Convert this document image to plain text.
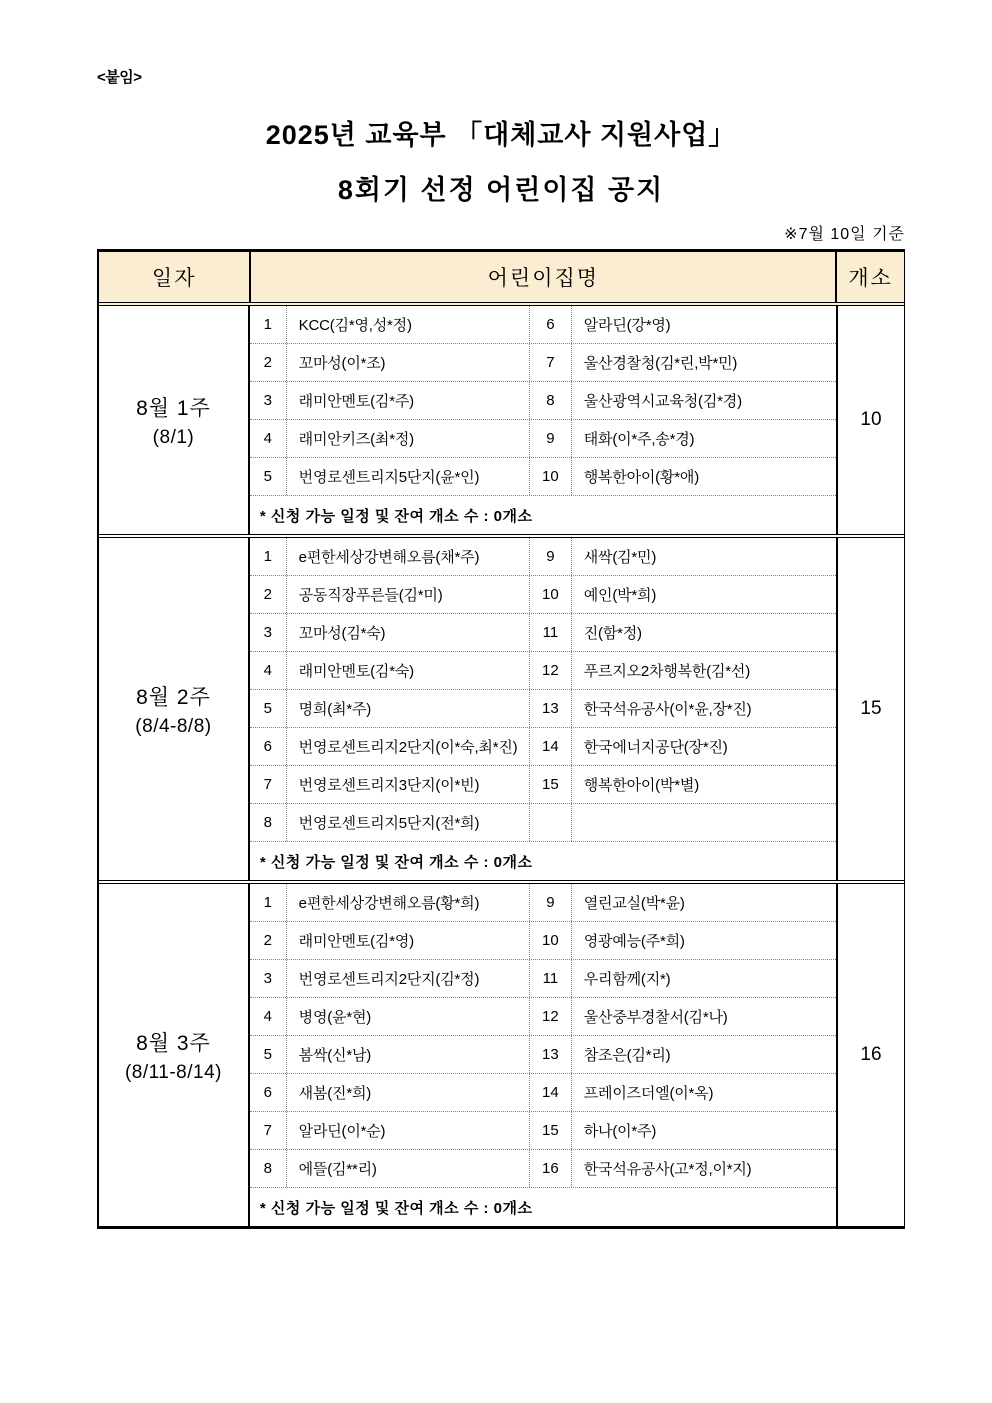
<붙임>
2025년 교육부 「대체교사 지원사업」
8회기 선정 어린이집 공지
※7월 10일 기준
일자	어린이집명	개소
8월 1주
(8/1)
1	KCC(김*영,성*정)	6	알라딘(강*영)
2	꼬마성(이*조)	7	울산경찰청(김*린,박*민)
3	래미안멘토(김*주)	8	울산광역시교육청(김*경)
4	래미안키즈(최*정)	9	태화(이*주,송*경)
5	번영로센트리지5단지(윤*인)	10	행복한아이(황*애)
* 신청 가능 일정 및 잔여 개소 수 : 0개소
10
8월 2주
(8/4-8/8)
1	e편한세상강변해오름(채*주)	9	새싹(김*민)
2	공동직장푸른들(김*미)	10	예인(박*희)
3	꼬마성(김*숙)	11	진(함*정)
4	래미안멘토(김*숙)	12	푸르지오2차행복한(김*선)
5	명희(최*주)	13	한국석유공사(이*윤,장*진)
6	번영로센트리지2단지(이*숙,최*진)	14	한국에너지공단(장*진)
7	번영로센트리지3단지(이*빈)	15	행복한아이(박*별)
8	번영로센트리지5단지(전*희)
* 신청 가능 일정 및 잔여 개소 수 : 0개소
15
8월 3주
(8/11-8/14)
1	e편한세상강변해오름(황*희)	9	열린교실(박*윤)
2	래미안멘토(김*영)	10	영광예능(주*희)
3	번영로센트리지2단지(김*정)	11	우리함께(지*)
4	병영(윤*현)	12	울산중부경찰서(김*나)
5	봄싹(신*남)	13	참조은(김*리)
6	새봄(진*희)	14	프레이즈더엘(이*옥)
7	알라딘(이*순)	15	하나(이*주)
8	에뜰(김**리)	16	한국석유공사(고*정,이*지)
* 신청 가능 일정 및 잔여 개소 수 : 0개소
16
